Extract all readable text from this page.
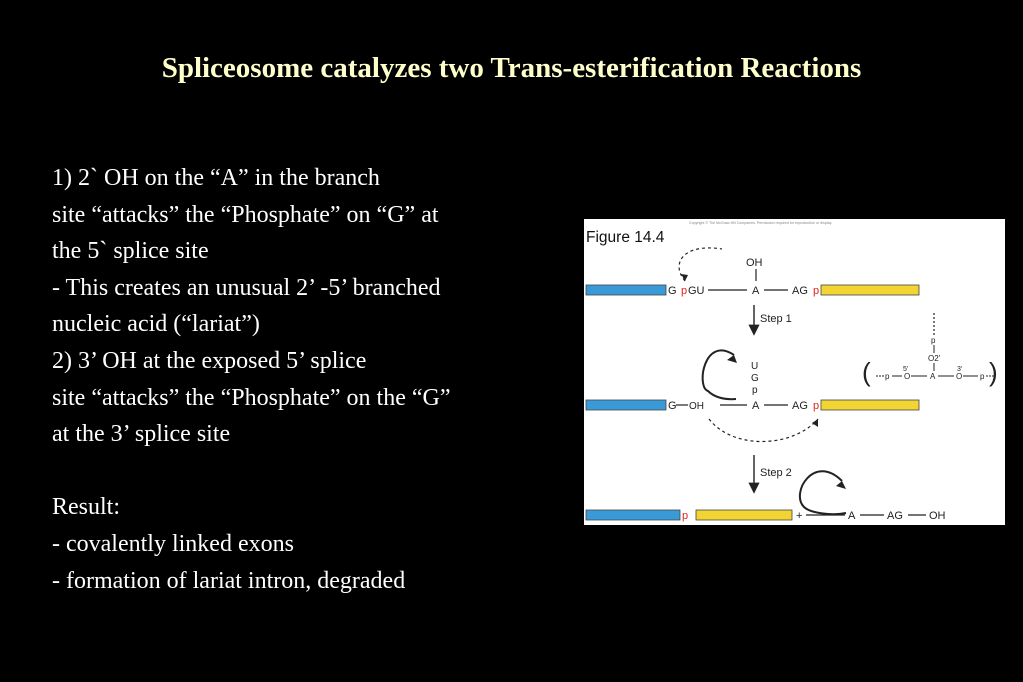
Spliceosome catalyzes two Trans-esterification Reactions
1) 2` OH on the “A” in the branch
site “attacks” the “Phosphate” on “G” at
the 5` splice site
- This creates an unusual 2’ -5’ branched
nucleic acid (“lariat”)
2) 3’ OH at the exposed 5’ splice
site “attacks” the “Phosphate” on the “G”
at the 3’ splice site

Result:
- covalently linked exons
- formation of lariat intron, degraded
Figure 14.4
Copyright © The McGraw-Hill Companies. Permission required for reproduction or display.
OH
G p GU	A	AG p
Step 1
U
G
p
G OH	A	AG p
(	)
p
O2'
5'	3'
p O A	O p
Step 2
p	+	A	AG OH
